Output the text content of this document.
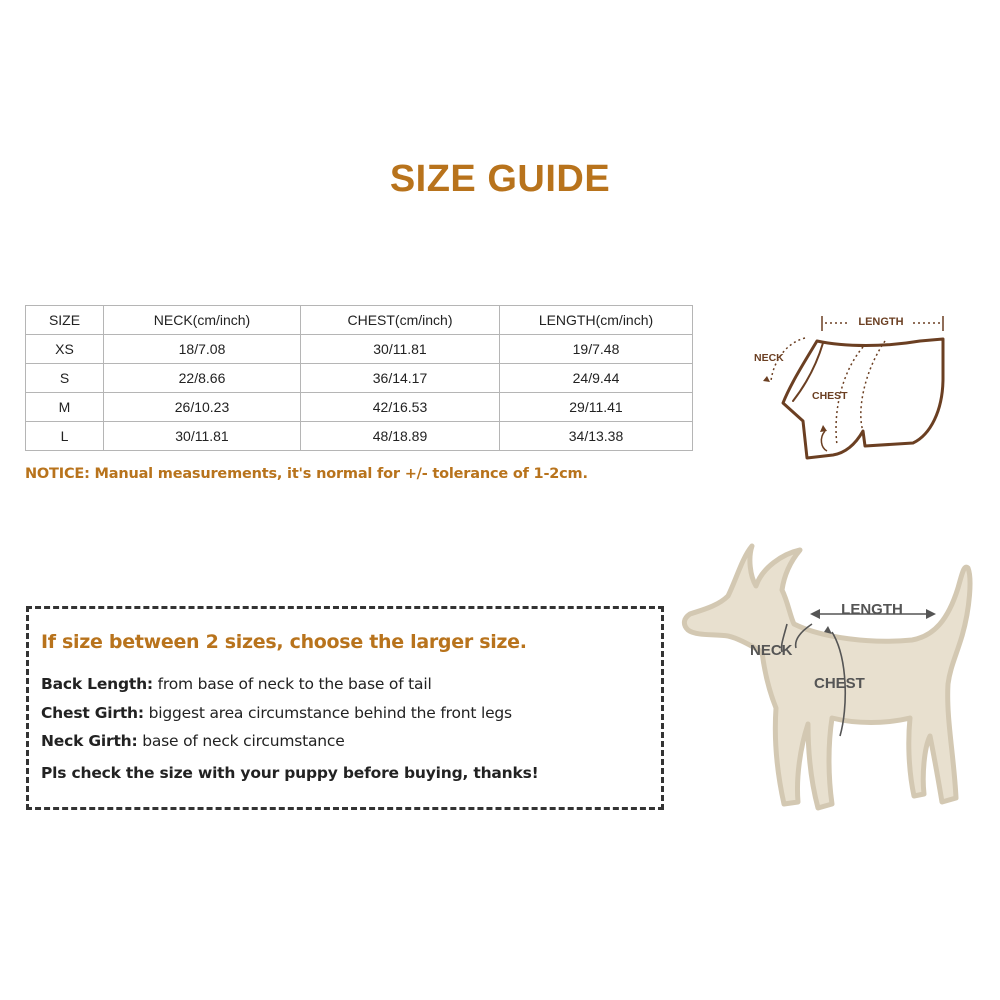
SIZE GUIDE
SIZE	NECK(cm/inch)	CHEST(cm/inch)	LENGTH(cm/inch)
XS	18/7.08	30/11.81	19/7.48
S	22/8.66	36/14.17	24/9.44
M	26/10.23	42/16.53	29/11.41
L	30/11.81	48/18.89	34/13.38
NOTICE: Manual measurements, it's normal for +/- tolerance of 1-2cm.
LENGTH
NECK
CHEST
If size between 2 sizes, choose the larger size.
Back Length: from base of neck to the base of tail
Chest Girth: biggest area circumstance behind the front legs
Neck Girth: base of neck circumstance
Pls check the size with your puppy before buying, thanks!
LENGTH
NECK
CHEST
